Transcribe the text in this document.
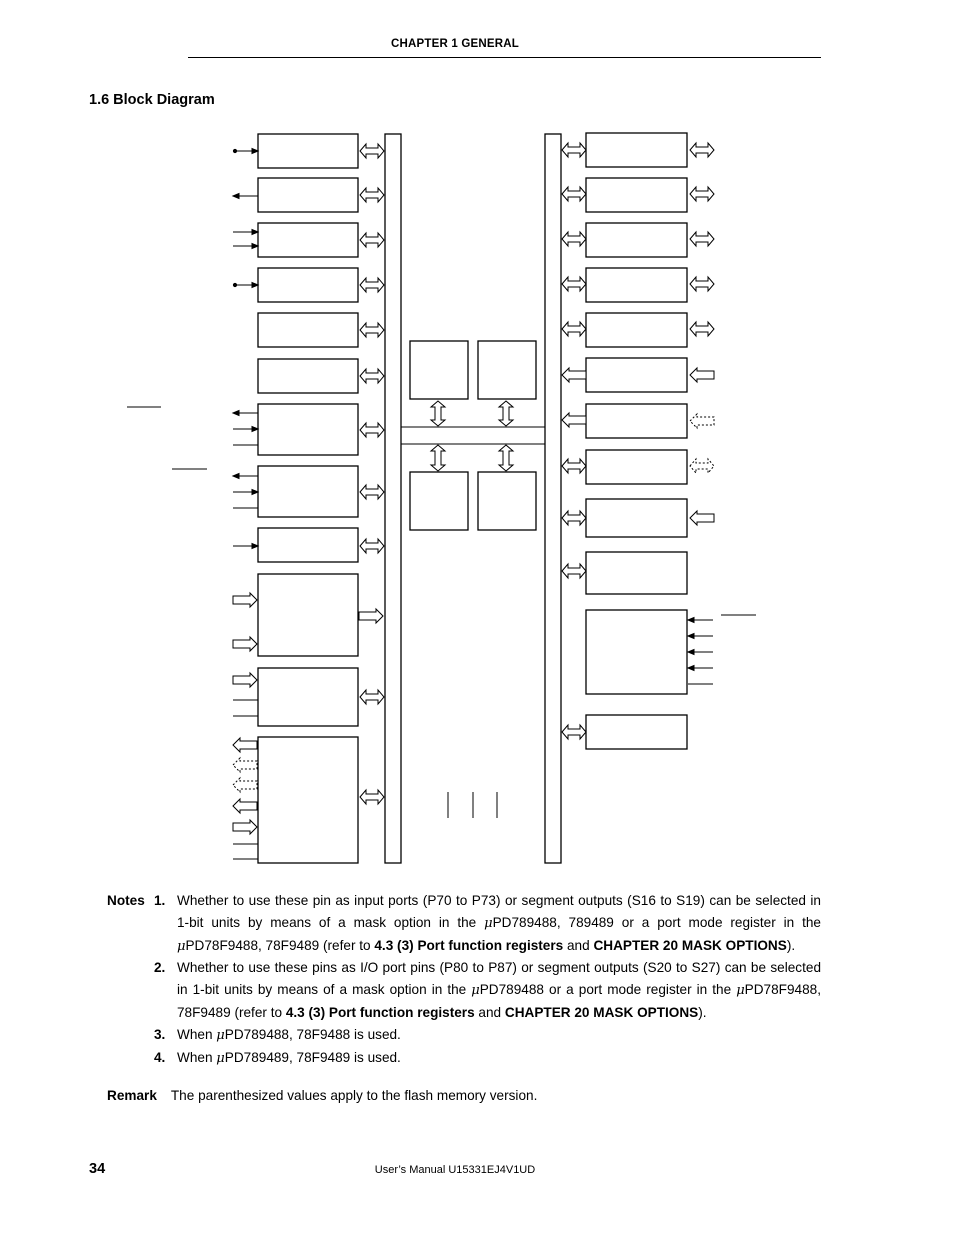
CHAPTER 1 GENERAL
1.6 Block Diagram
Notes 1. Whether to use these pin as input ports (P70 to P73) or segment outputs (S16 to S19) can be selected in 1-bit units by means of a mask option in the μPD789488, 789489 or a port mode register in the μPD78F9488, 78F9489 (refer to 4.3 (3) Port function registers and CHAPTER 20 MASK OPTIONS).
2. Whether to use these pins as I/O port pins (P80 to P87) or segment outputs (S20 to S27) can be selected in 1-bit units by means of a mask option in the μPD789488 or a port mode register in the μPD78F9488, 78F9489 (refer to 4.3 (3) Port function registers and CHAPTER 20 MASK OPTIONS).
3. When μPD789488, 78F9488 is used.
4. When μPD789489, 78F9489 is used.
Remark The parenthesized values apply to the flash memory version.
34	User’s Manual U15331EJ4V1UD
